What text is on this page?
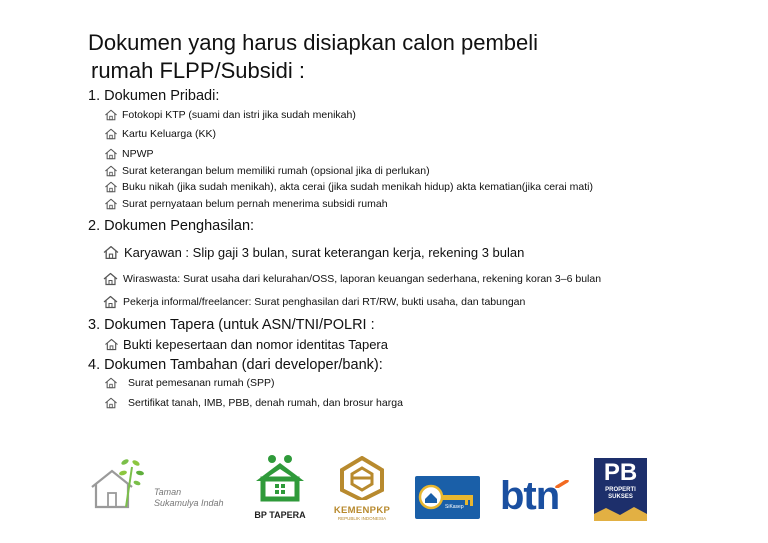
Dokumen yang harus disiapkan calon pembeli
rumah FLPP/Subsidi :
1. Dokumen Pribadi:
Fotokopi KTP (suami dan istri jika sudah menikah)
Kartu Keluarga (KK)
NPWP
Surat keterangan belum memiliki rumah (opsional jika di perlukan)
Buku nikah (jika sudah menikah), akta cerai (jika sudah menikah hidup) akta kematian(jika cerai mati)
Surat pernyataan belum pernah menerima subsidi rumah
2. Dokumen Penghasilan:
Karyawan : Slip gaji 3 bulan, surat keterangan kerja, rekening 3 bulan
Wiraswasta: Surat usaha dari kelurahan/OSS, laporan keuangan sederhana, rekening koran 3–6 bulan
Pekerja informal/freelancer: Surat penghasilan dari RT/RW, bukti usaha, dan tabungan
3. Dokumen Tapera (untuk ASN/TNI/POLRI :
Bukti kepesertaan dan nomor identitas Tapera
4. Dokumen Tambahan (dari developer/bank):
Surat pemesanan rumah (SPP)
Sertifikat tanah, IMB, PBB, denah rumah, dan brosur harga
Taman
Sukamulya Indah
BP TAPERA	KEMENPKP
REPUBLIK INDONESIA
SiKasep btn
PB
PROPERTI
SUKSES
